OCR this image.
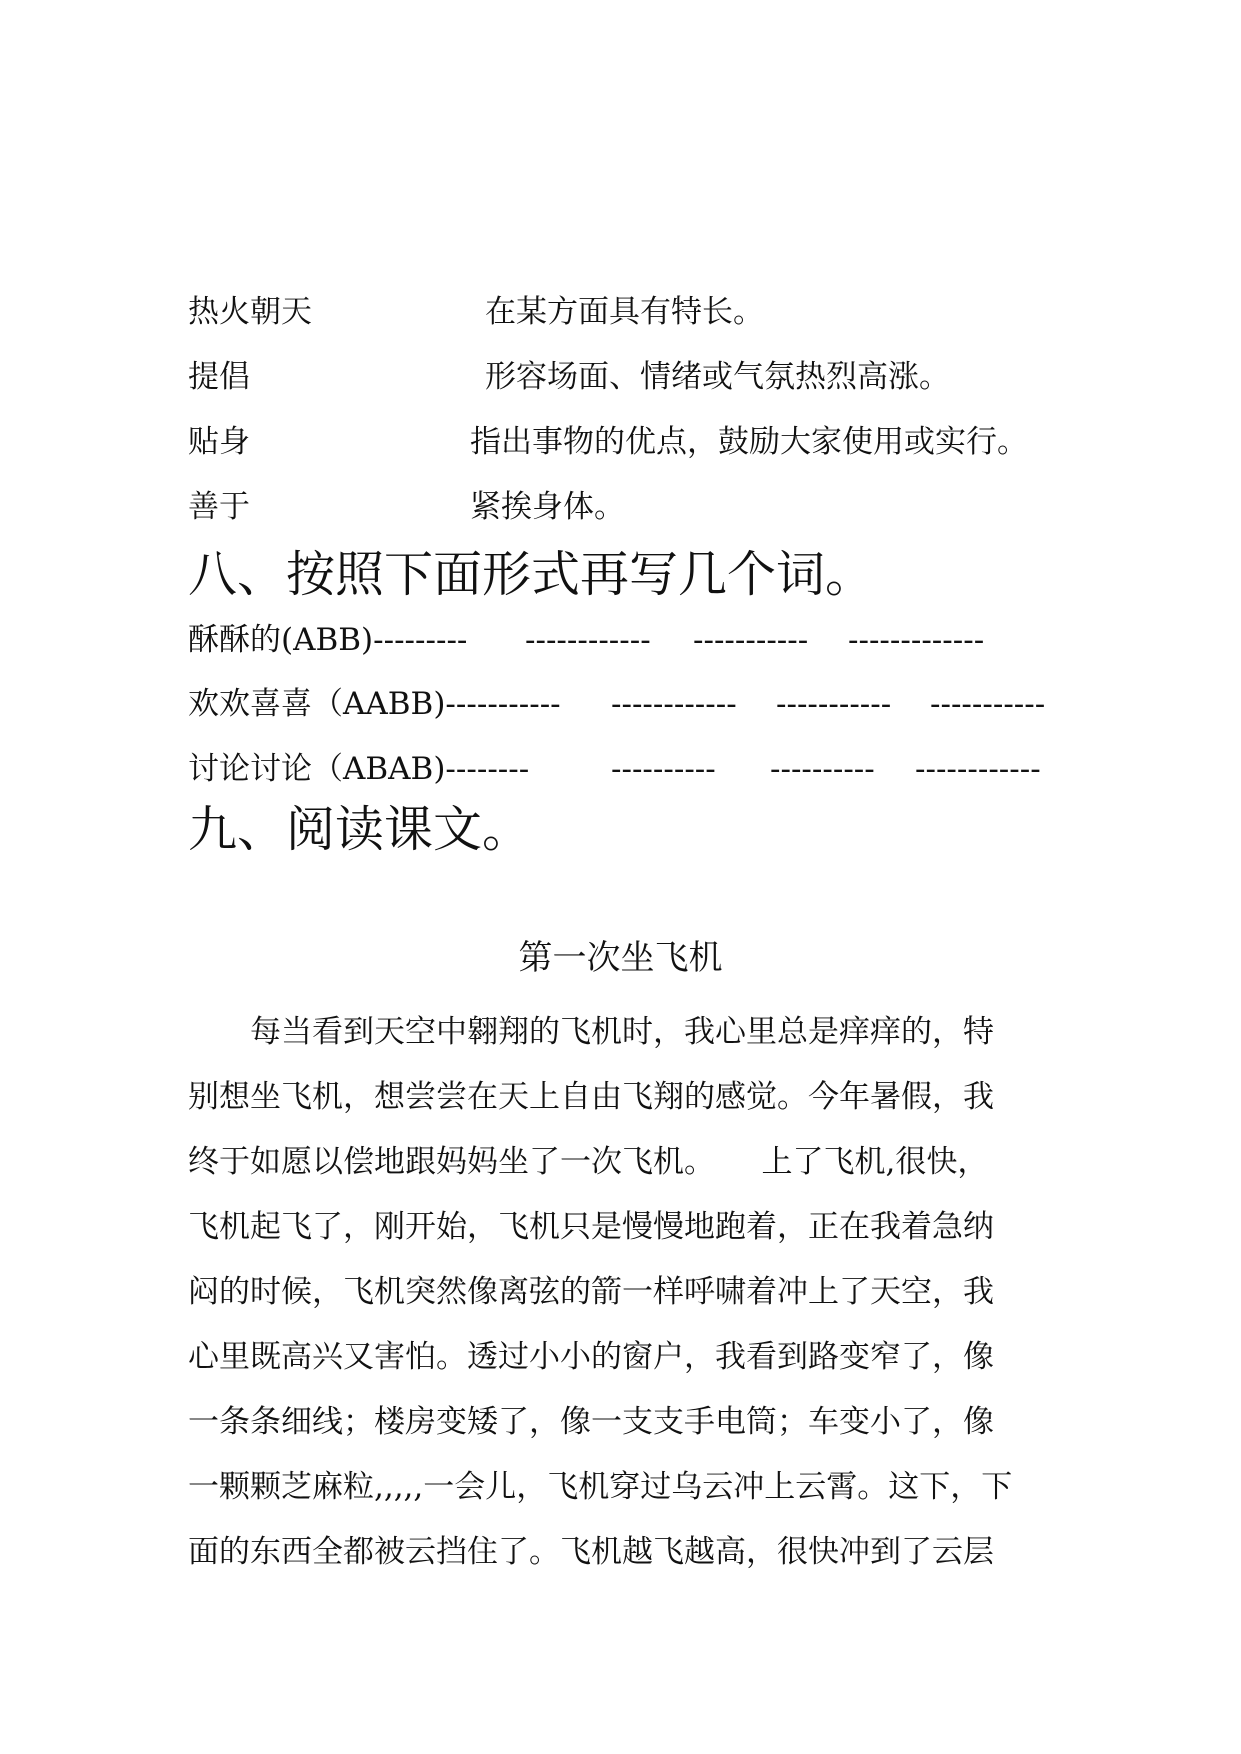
热火朝天	在某方面具有特长。
提倡	形容场面、情绪或气氛热烈高涨。
贴身	指出事物的优点，鼓励大家使用或实行。
善于	紧挨身体。
八、按照下面形式再写几个词。
酥酥的(ABB)--------- ------------ ----------- -------------
欢欢喜喜（AABB)----------- ------------ ----------- -----------
讨论讨论（ABAB)--------	---------- ---------- ------------
九、阅读课文。
第一次坐飞机
　　每当看到天空中翱翔的飞机时，我心里总是痒痒的，特
别想坐飞机，想尝尝在天上自由飞翔的感觉。今年暑假，我
终于如愿以偿地跟妈妈坐了一次飞机。　　上了飞机,很快，
飞机起飞了，刚开始，飞机只是慢慢地跑着，正在我着急纳
闷的时候，飞机突然像离弦的箭一样呼啸着冲上了天空，我
心里既高兴又害怕。透过小小的窗户，我看到路变窄了，像
一条条细线；楼房变矮了，像一支支手电筒；车变小了，像
一颗颗芝麻粒,,,,,一会儿，飞机穿过乌云冲上云霄。这下，下
面的东西全都被云挡住了。飞机越飞越高，很快冲到了云层
